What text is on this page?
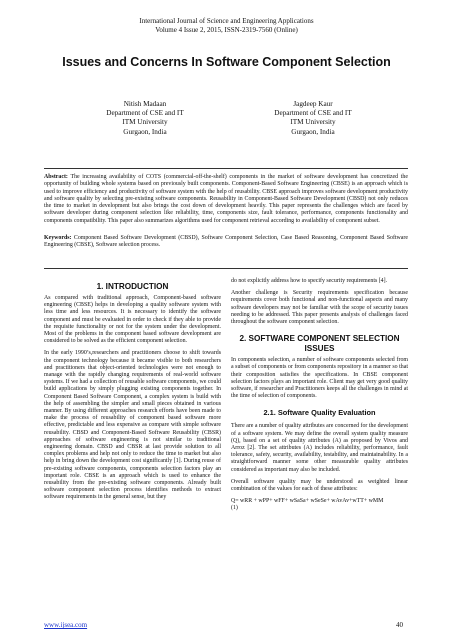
International Journal of Science and Engineering Applications
Volume 4 Issue 2, 2015, ISSN-2319-7560 (Online)
Issues and Concerns In Software Component Selection
Nitish Madaan
Department of CSE and IT
ITM University
Gurgaon, India
Jagdeep Kaur
Department of CSE and IT
ITM University
Gurgaon, India
Abstract: The increasing availability of COTS (commercial-off-the-shelf) components in the market of software development has concretized the opportunity of building whole systems based on previously built components. Component-Based Software Engineering (CBSE) is an approach which is used to improve efficiency and productivity of software system with the help of reusability. CBSE approach improves software development productivity and software quality by selecting pre-existing software components. Reusability in Component-Based Software Development (CBSD) not only reduces the time to market in development but also brings the cost down of development heavily. This paper represents the challenges which are faced by software developer during component selection like reliability, time, components size, fault tolerance, performance, components functionality and components compatibility. This paper also summarizes algorithms used for component retrieval according to availability of component subset.
Keywords: Component Based Software Development (CBSD), Software Component Selection, Case Based Reasoning, Component Based Software Engineering (CBSE), Software selection process.
1. INTRODUCTION

As compared with traditional approach, Component-based software engineering (CBSE) helps in developing a quality software system with less time and less resources. It is necessary to identify the software component and must be evaluated in order to check if they able to provide the requisite functionality or not for the system under the development. Most of the problems in the component based software development are considered to be solved as the efficient component selection.

In the early 1990’s,researchers and practitioners choose to shift towards the component technology because it became visible to both researchers and practitioners that object-oriented technologies were not enough to manage with the rapidly changing requirements of real-world software systems. If we had a collection of reusable software components, we could build applications by simply plugging existing components together. In Component Based Software Component, a complex system is build with the help of assembling the simpler and small pieces obtained in various manner. By using different approaches research efforts have been made to make the process of reusability of component based software more effective, predictable and less expensive as compare with simple software reusability. CBSD and Component-Based Software Reusability (CBSR) approaches of software engineering is not similar to traditional engineering domain. CBSD and CBSR at last provide solution to all complex problems and help not only to reduce the time to market but also help in bring down the development cost significantly [1]. During reuse of pre-existing software components, components selection factors play an important role. CBSE is an approach which is used to enhance the reusability from the pre-existing software components. Already built software component selection process identifies methods to extract software requirements in the general sense, but they

do not explicitly address how to specify security requirements [4].

Another challenge is Security requirements specification because requirements cover both functional and non-functional aspects and many software developers may not be familiar with the scope of security issues needing to be addressed. This paper presents analysis of challenges faced throughout the software component selection.

2. SOFTWARE COMPONENT SELECTION ISSUES

In components selection, a number of software components selected from a subset of components or from components repository in a manner so that their composition satisfies the specifications. In CBSE component selection factors plays an important role. Client may get very good quality software, if researcher and Practitioners keeps all the challenges in mind at the time of selection of components.

2.1. Software Quality Evaluation

There are a number of quality attributes are concerned for the development of a software system. We may define the overall system quality measure (Q), based on a set of quality attributes (A) as proposed by Vivos and Arroz [2]. The set attributes (A) includes reliability, performance, fault tolerance, safety, security, availability, testability, and maintainability. In a straightforward manner some other measurable quality attributes considered as important may also be included.

Overall software quality may be understood as weighted linear combination of the values for each of these attributes:

Q= wRR + wPP+ wFF+ wSaSa+ wSeSe+ wAvAv+wTT+ wMM
(1)
www.ijsea.com	40
